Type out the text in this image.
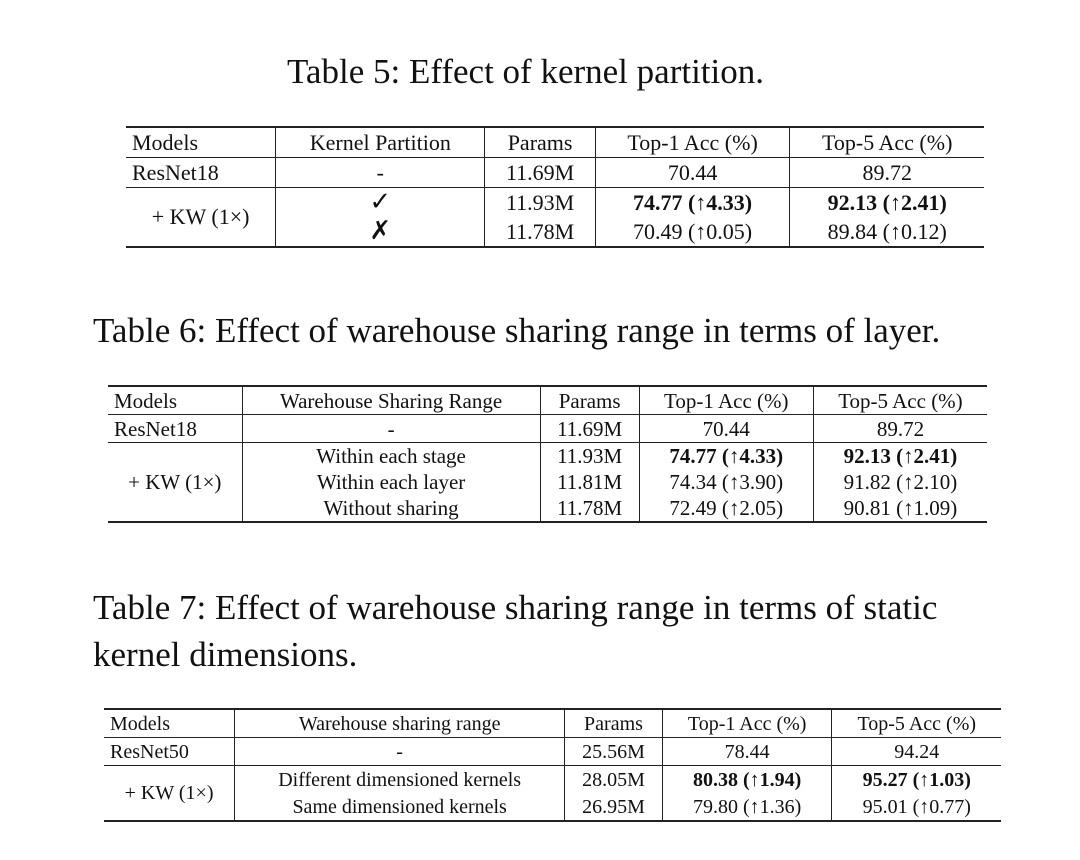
Table 5: Effect of kernel partition.
Models	Kernel Partition	Params	Top-1 Acc (%)	Top-5 Acc (%)
ResNet18	-	11.69M	70.44	89.72
+ KW (1×)	✓	11.93M	74.77 (↑4.33)	92.13 (↑2.41)
	✗	11.78M	70.49 (↑0.05)	89.84 (↑0.12)
Table 6: Effect of warehouse sharing range in terms of layer.
Models	Warehouse Sharing Range	Params	Top-1 Acc (%)	Top-5 Acc (%)
ResNet18	-	11.69M	70.44	89.72
+ KW (1×)	Within each stage	11.93M	74.77 (↑4.33)	92.13 (↑2.41)
	Within each layer	11.81M	74.34 (↑3.90)	91.82 (↑2.10)
	Without sharing	11.78M	72.49 (↑2.05)	90.81 (↑1.09)
Table 7: Effect of warehouse sharing range in terms of static kernel dimensions.
Models	Warehouse sharing range	Params	Top-1 Acc (%)	Top-5 Acc (%)
ResNet50	-	25.56M	78.44	94.24
+ KW (1×)	Different dimensioned kernels	28.05M	80.38 (↑1.94)	95.27 (↑1.03)
	Same dimensioned kernels	26.95M	79.80 (↑1.36)	95.01 (↑0.77)
